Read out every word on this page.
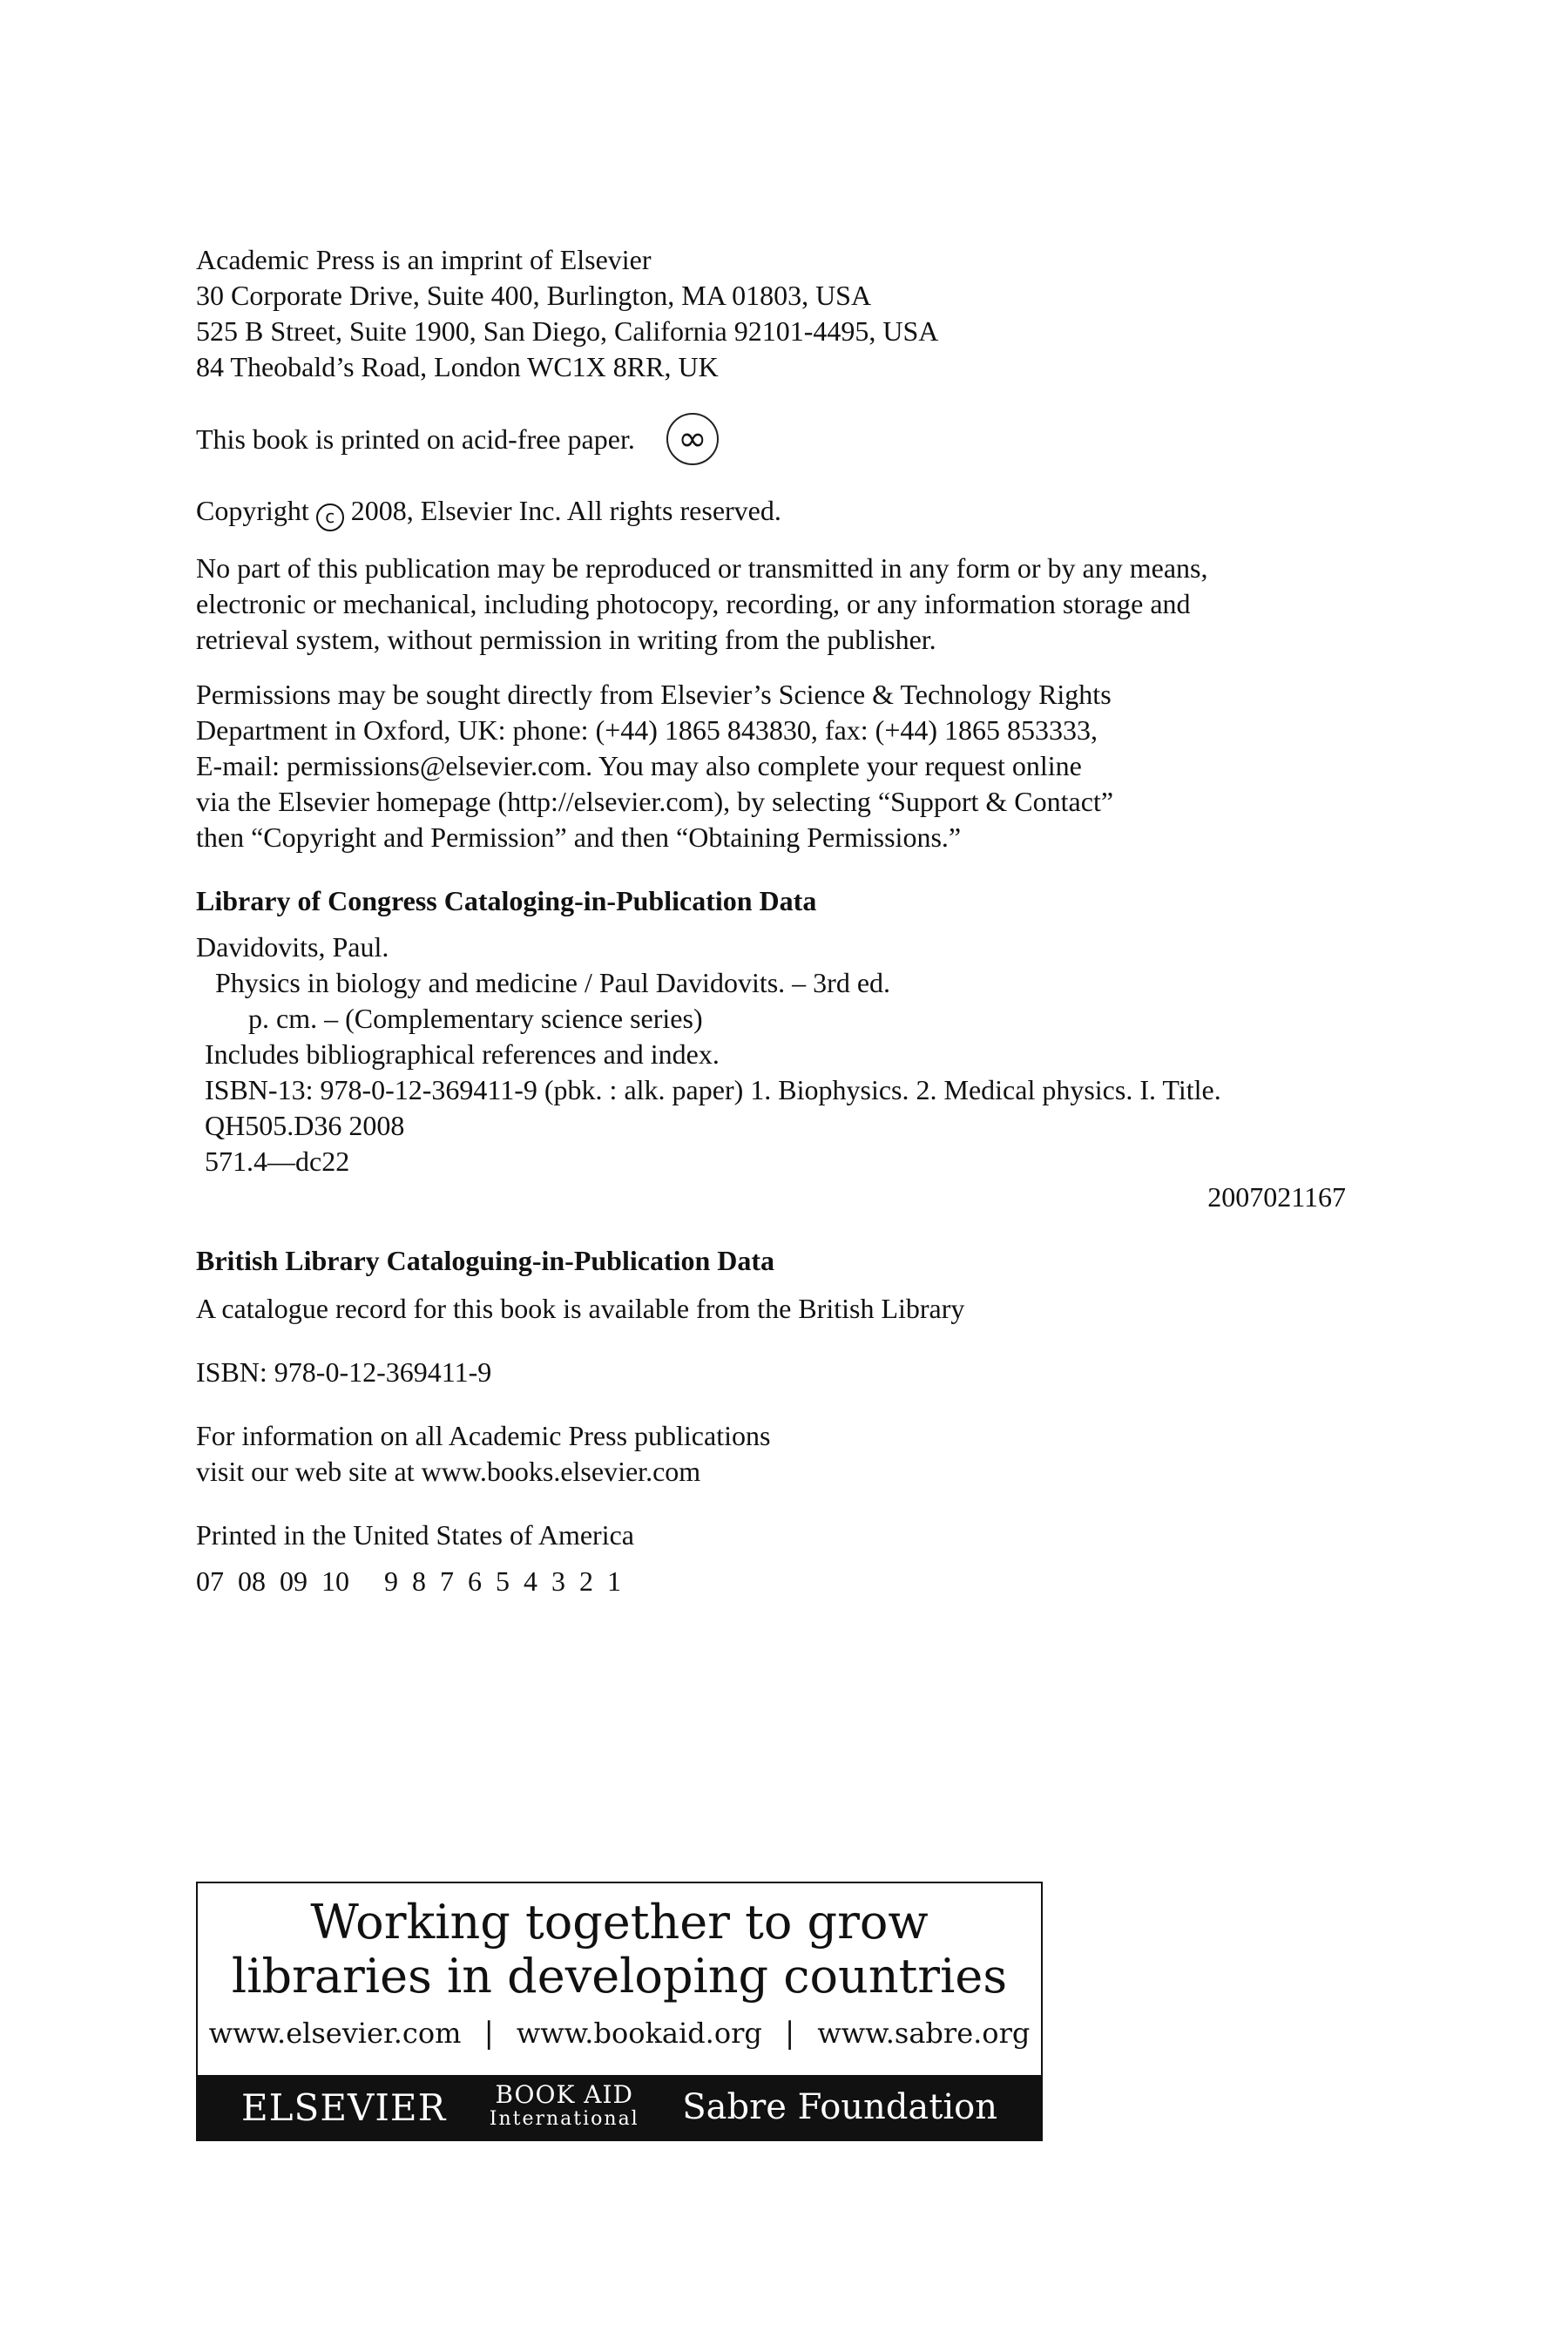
Academic Press is an imprint of Elsevier
30 Corporate Drive, Suite 400, Burlington, MA 01803, USA
525 B Street, Suite 1900, San Diego, California 92101-4495, USA
84 Theobald’s Road, London WC1X 8RR, UK
This book is printed on acid-free paper.	∞
Copyright c 2008, Elsevier Inc. All rights reserved.
No part of this publication may be reproduced or transmitted in any form or by any means,
electronic or mechanical, including photocopy, recording, or any information storage and
retrieval system, without permission in writing from the publisher.
Permissions may be sought directly from Elsevier’s Science & Technology Rights
Department in Oxford, UK: phone: (+44) 1865 843830, fax: (+44) 1865 853333,
E-mail: permissions@elsevier.com. You may also complete your request online
via the Elsevier homepage (http://elsevier.com), by selecting “Support & Contact”
then “Copyright and Permission” and then “Obtaining Permissions.”
Library of Congress Cataloging-in-Publication Data
Davidovits, Paul.
Physics in biology and medicine / Paul Davidovits. – 3rd ed.
p. cm. – (Complementary science series)
Includes bibliographical references and index.
ISBN-13: 978-0-12-369411-9 (pbk. : alk. paper) 1. Biophysics. 2. Medical physics. I. Title.
QH505.D36 2008
571.4—dc22
2007021167
British Library Cataloguing-in-Publication Data
A catalogue record for this book is available from the British Library
ISBN: 978-0-12-369411-9
For information on all Academic Press publications
visit our web site at www.books.elsevier.com
Printed in the United States of America
07  08  09  10     9  8  7  6  5  4  3  2  1
Working together to grow
libraries in developing countries
www.elsevier.com | www.bookaid.org | www.sabre.org
ELSEVIER BOOK AID
International Sabre Foundation
